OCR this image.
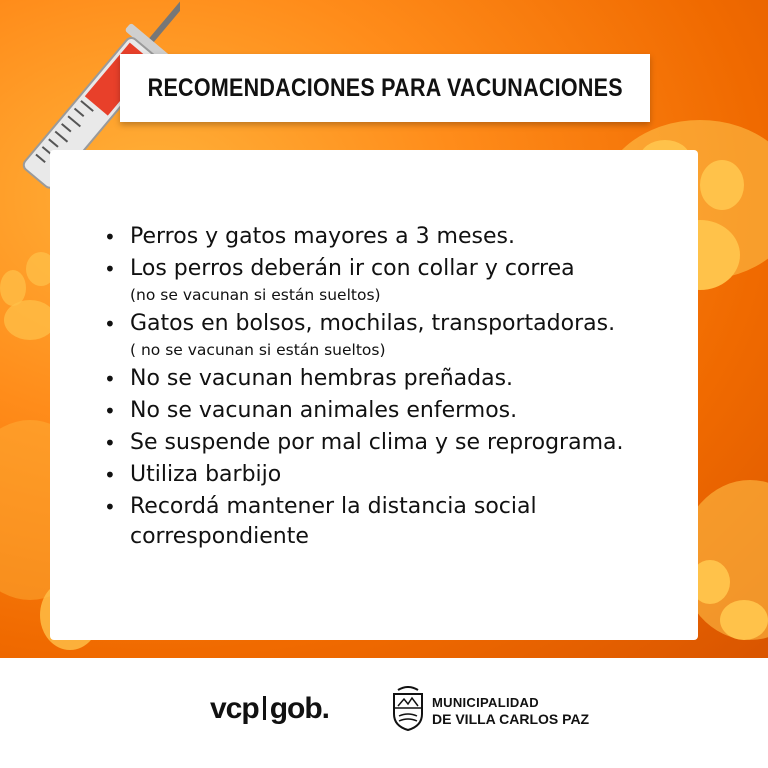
RECOMENDACIONES PARA VACUNACIONES
• Perros y gatos mayores a 3 meses.
• Los perros deberán ir con collar y correa
(no se vacunan si están sueltos)
• Gatos en bolsos, mochilas, transportadoras.
( no se vacunan si están sueltos)
• No se vacunan hembras preñadas.
• No se vacunan animales enfermos.
• Se suspende por mal clima y se reprograma.
• Utiliza barbijo
• Recordá mantener la distancia social correspondiente
vcp gob.	MUNICIPALIDAD
DE VILLA CARLOS PAZ
